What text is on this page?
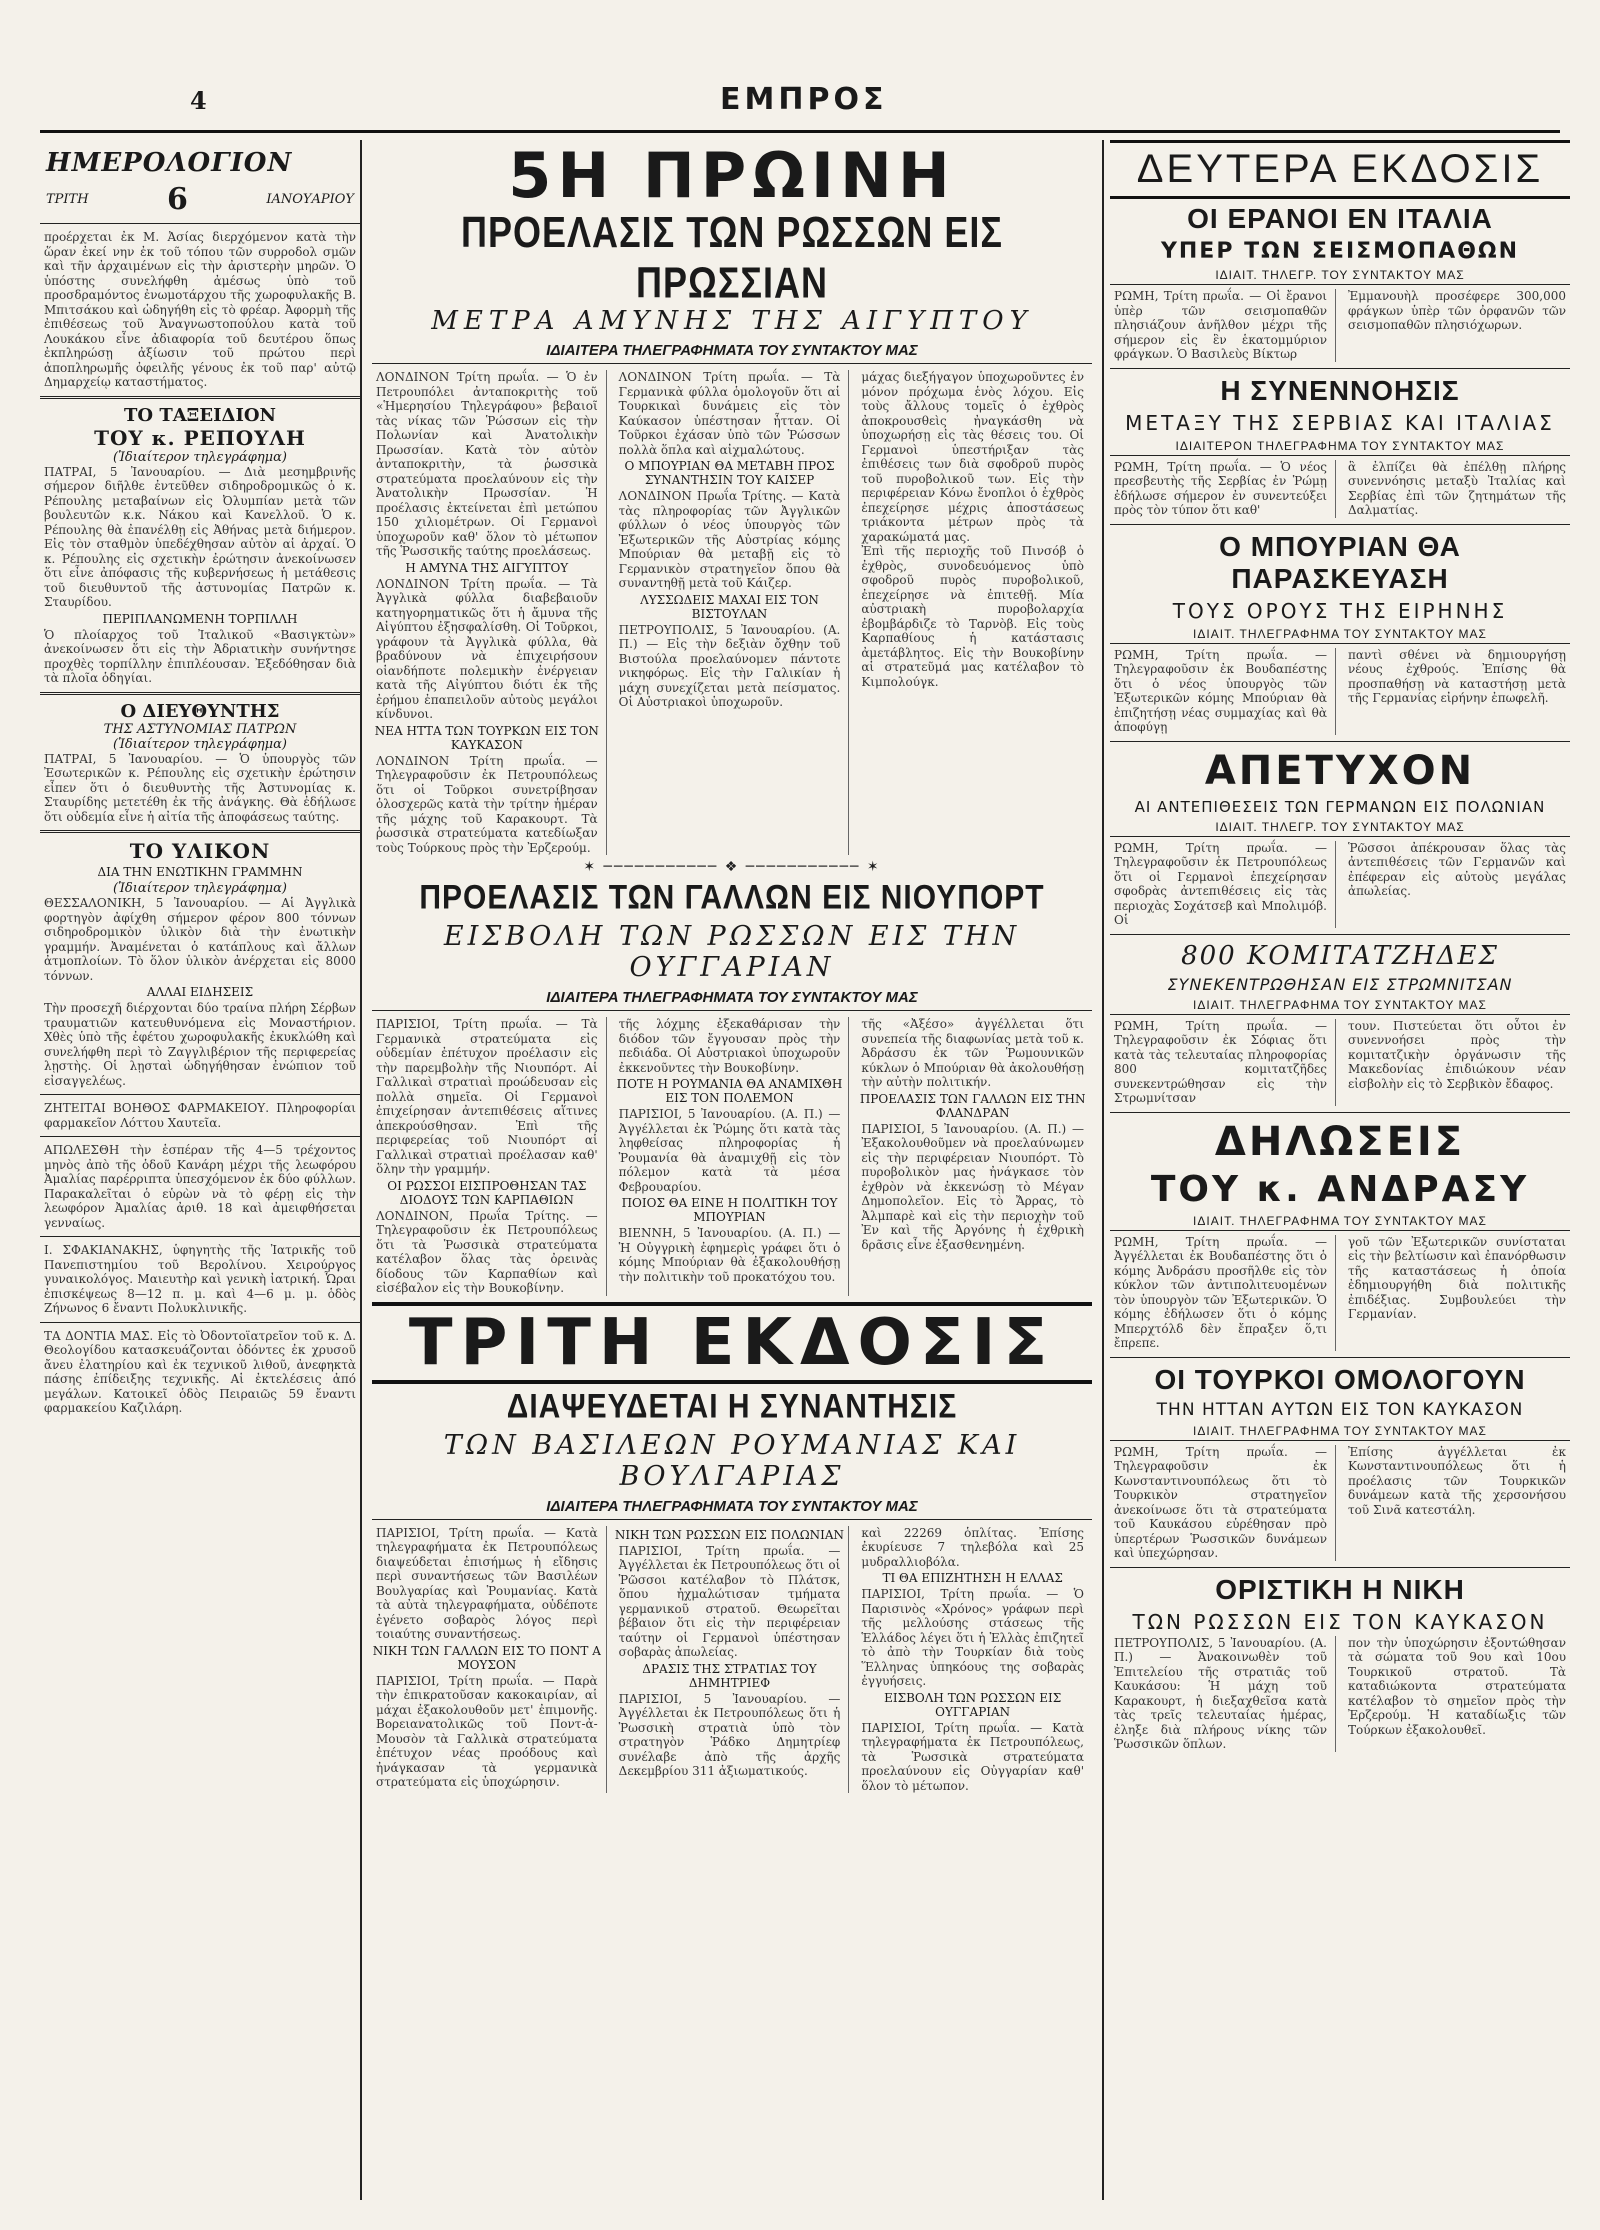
4	ΕΜΠΡΟΣ
ΗΜΕΡΟΛΟΓΙΟΝ
ΤΡΙΤΗ	6	ΙΑΝΟΥΑΡΙΟΥ

προέρχεται ἐκ Μ. Ἀσίας διερχόμενον κατὰ τὴν ὥραν ἐκεί νην ἐκ τοῦ τόπου τῶν συρροδολ σμῶν καὶ τῆν ἀρχαιμένων εἰς τὴν ἀριστερὴν μηρῶν. Ὁ ὑπόστης συνελήφθη ἀμέσως ὑπὸ τοῦ προσδραμόντος ἐνωμοτάρχου τῆς χωροφυλακῆς Β. Μπιτσάκου καὶ ὡδηγήθη εἰς τὸ φρέαρ. Ἀφορμὴ τῆς ἐπιθέσεως τοῦ Ἀναγνωστοπούλου κατὰ τοῦ Λουκάκου εἶνε ἀδιαφορία τοῦ δευτέρου ὅπως ἐκπληρώσῃ ἀξίωσιν τοῦ πρώτου περὶ ἀποπληρωμῆς ὀφειλῆς γένους ἐκ τοῦ παρ' αὐτῷ Δημαρχείῳ καταστήματος.

ΤΟ ΤΑΞΕΙΔΙΟΝ
ΤΟΥ κ. ΡΕΠΟΥΛΗ
(Ἰδιαίτερον τηλεγράφημα)

ΠΑΤΡΑΙ, 5 Ἰανουαρίου. — Διὰ μεσημβρινῆς σήμερον διῆλθε ἐντεῦθεν σιδηροδρομικῶς ὁ κ. Ρέπουλης μεταβαίνων εἰς Ὀλυμπίαν μετὰ τῶν βουλευτῶν κ.κ. Νάκου καὶ Κανελλοῦ. Ὁ κ. Ρέπουλης θὰ ἐπανέλθῃ εἰς Ἀθήνας μετὰ διήμερον. Εἰς τὸν σταθμὸν ὑπεδέχθησαν αὐτὸν αἱ ἀρχαί. Ὁ κ. Ρέπουλης εἰς σχετικὴν ἐρώτησιν ἀνεκοίνωσεν ὅτι εἶνε ἀπόφασις τῆς κυβερνήσεως ἡ μετάθεσις τοῦ διευθυντοῦ τῆς ἀστυνομίας Πατρῶν κ. Σταυρίδου.

ΠΕΡΙΠΛΑΝΩΜΕΝΗ ΤΟΡΠΙΛΛΗ

Ὁ πλοίαρχος τοῦ Ἰταλικοῦ «Βασιγκτὼν» ἀνεκοίνωσεν ὅτι εἰς τὴν Ἀδριατικὴν συνήντησε προχθὲς τορπίλλην ἐπιπλέουσαν. Ἐξεδόθησαν διὰ τὰ πλοῖα ὁδηγίαι.

Ο ΔΙΕΥΘΥΝΤΗΣ
ΤΗΣ ΑΣΤΥΝΟΜΙΑΣ ΠΑΤΡΩΝ
(Ἰδιαίτερον τηλεγράφημα)

ΠΑΤΡΑΙ, 5 Ἰανουαρίου. — Ὁ ὑπουργὸς τῶν Ἐσωτερικῶν κ. Ρέπουλης εἰς σχετικὴν ἐρώτησιν εἶπεν ὅτι ὁ διευθυντὴς τῆς Ἀστυνομίας κ. Σταυρίδης μετετέθη ἐκ τῆς ἀνάγκης. Θὰ ἐδήλωσε ὅτι οὐδεμία εἶνε ἡ αἰτία τῆς ἀποφάσεως ταύτης.

ΤΟ ΥΛΙΚΟΝ
ΔΙΑ ΤΗΝ ΕΝΩΤΙΚΗΝ ΓΡΑΜΜΗΝ
(Ἰδιαίτερον τηλεγράφημα)

ΘΕΣΣΑΛΟΝΙΚΗ, 5 Ἰανουαρίου. — Αἱ Ἀγγλικὰ φορτηγὸν ἀφίχθη σήμερον φέρον 800 τόννων σιδηροδρομικὸν ὑλικὸν διὰ τὴν ἐνωτικὴν γραμμήν. Ἀναμένεται ὁ κατάπλους καὶ ἄλλων ἀτμοπλοίων. Τὸ ὅλον ὑλικὸν ἀνέρχεται εἰς 8000 τόννων.

ΑΛΛΑΙ ΕΙΔΗΣΕΙΣ

Τὴν προσεχῆ διέρχονται δύο τραίνα πλήρη Σέρβων τραυματιῶν κατευθυνόμενα εἰς Μοναστήριον. Χθὲς ὑπὸ τῆς ἐφέτου χωροφυλακῆς ἐκυκλώθη καὶ συνελήφθη περὶ τὸ Ζαγγλιβέριον τῆς περιφερείας λῃστὴς. Οἱ λῃσταὶ ὡδηγήθησαν ἐνώπιον τοῦ εἰσαγγελέως.

ΖΗΤΕΙΤΑΙ ΒΟΗΘΟΣ ΦΑΡΜΑΚΕΙΟΥ. Πληροφορίαι φαρμακεῖον Λόττου Χαυτεῖα.

ΑΠΩΛΕΣΘΗ τὴν ἑσπέραν τῆς 4—5 τρέχοντος μηνὸς ἀπὸ τῆς ὁδοῦ Κανάρη μέχρι τῆς λεωφόρου Ἀμαλίας παρέρριπτα ὑπεσχόμενον ἐκ δύο φύλλων. Παρακαλεῖται ὁ εὑρὼν νὰ τὸ φέρῃ εἰς τὴν λεωφόρον Ἀμαλίας ἀριθ. 18 καὶ ἀμειφθήσεται γενναίως.

Ι. ΣΦΑΚΙΑΝΑΚΗΣ, ὑφηγητὴς τῆς Ἰατρικῆς τοῦ Πανεπιστημίου τοῦ Βερολίνου. Χειρούργος γυναικολόγος. Μαιευτὴρ καὶ γενικὴ ἰατρική. Ὧραι ἐπισκέψεως 8—12 π. μ. καὶ 4—6 μ. μ. ὁδὸς Ζήνωνος 6 ἔναντι Πολυκλινικῆς.

ΤΑ ΔΟΝΤΙΑ ΜΑΣ. Εἰς τὸ Ὀδοντοϊατρεῖον τοῦ κ. Δ. Θεολογίδου κατασκευάζονται ὀδόντες ἐκ χρυσοῦ ἄνευ ἐλατηρίου καὶ ἐκ τεχνικοῦ λιθοῦ, ἀνεφηκτὰ πάσης ἐπίδειξης τεχνικῆς. Αἱ ἐκτελέσεις ἀπό μεγάλων. Κατοικεῖ ὁδὸς Πειραιῶς 59 ἔναντι φαρμακείου Καζιλάρη.

5Η ΠΡΩΙΝΗ
ΠΡΟΕΛΑΣΙΣ ΤΩΝ ΡΩΣΣΩΝ ΕΙΣ ΠΡΩΣΣΙΑΝ
ΜΕΤΡΑ ΑΜΥΝΗΣ ΤΗΣ ΑΙΓΥΠΤΟΥ
ΙΔΙΑΙΤΕΡΑ ΤΗΛΕΓΡΑΦΗΜΑΤΑ ΤΟΥ ΣΥΝΤΑΚΤΟΥ ΜΑΣ

ΛΟΝΔΙΝΟΝ Τρίτη πρωΐα. — Ὁ ἐν Πετρουπόλει ἀνταποκριτὴς τοῦ «Ἡμερησίου Τηλεγράφου» βεβαιοῖ τὰς νίκας τῶν Ῥώσσων εἰς τὴν Πολωνίαν καὶ Ἀνατολικὴν Πρωσσίαν. Κατὰ τὸν αὐτὸν ἀνταποκριτὴν, τὰ ῥωσσικὰ στρατεύματα προελαύνουν εἰς τὴν Ἀνατολικὴν Πρωσσίαν. Ἡ προέλασις ἐκτείνεται ἐπὶ μετώπου 150 χιλιομέτρων. Οἱ Γερμανοὶ ὑποχωροῦν καθ' ὅλον τὸ μέτωπον τῆς Ῥωσσικῆς ταύτης προελάσεως.

Η ΑΜΥΝΑ ΤΗΣ ΑΙΓΥΠΤΟΥ

ΛΟΝΔΙΝΟΝ Τρίτη πρωΐα. — Τὰ Ἀγγλικὰ φύλλα διαβεβαιοῦν κατηγορηματικῶς ὅτι ἡ ἄμυνα τῆς Αἰγύπτου ἐξησφαλίσθη. Οἱ Τοῦρκοι, γράφουν τὰ Ἀγγλικὰ φύλλα, θὰ βραδύνουν νὰ ἐπιχειρήσουν οἱανδήποτε πολεμικὴν ἐνέργειαν κατὰ τῆς Αἰγύπτου διότι ἐκ τῆς ἐρήμου ἐπαπειλοῦν αὐτοὺς μεγάλοι κίνδυνοι.

ΝΕΑ ΗΤΤΑ ΤΩΝ ΤΟΥΡΚΩΝ ΕΙΣ ΤΟΝ ΚΑΥΚΑΣΟΝ

ΛΟΝΔΙΝΟΝ Τρίτη πρωΐα. — Τηλεγραφοῦσιν ἐκ Πετρουπόλεως ὅτι οἱ Τοῦρκοι συνετρίβησαν ὁλοσχερῶς κατὰ τὴν τρίτην ἡμέραν τῆς μάχης τοῦ Καρακουρτ. Τὰ ῥωσσικὰ στρατεύματα κατεδίωξαν τοὺς Τούρκους πρὸς τὴν Ἐρζερούμ.

ΛΟΝΔΙΝΟΝ Τρίτη πρωΐα. — Τὰ Γερμανικὰ φύλλα ὁμολογοῦν ὅτι αἱ Τουρκικαὶ δυνάμεις εἰς τὸν Καύκασον ὑπέστησαν ἧτταν. Οἱ Τοῦρκοι ἐχάσαν ὑπὸ τῶν Ῥώσσων πολλὰ ὅπλα καὶ αἰχμαλώτους.

Ο ΜΠΟΥΡΙΑΝ ΘΑ ΜΕΤΑΒΗ ΠΡΟΣ ΣΥΝΑΝΤΗΣΙΝ ΤΟΥ ΚΑΙΣΕΡ

ΛΟΝΔΙΝΟΝ Πρωΐα Τρίτης. — Κατὰ τὰς πληροφορίας τῶν Ἀγγλικῶν φύλλων ὁ νέος ὑπουργὸς τῶν Ἐξωτερικῶν τῆς Αὐστρίας κόμης Μπούριαν θὰ μεταβῇ εἰς τὸ Γερμανικὸν στρατηγεῖον ὅπου θὰ συναντηθῇ μετὰ τοῦ Κάιζερ.

ΛΥΣΣΩΔΕΙΣ ΜΑΧΑΙ ΕΙΣ ΤΟΝ ΒΙΣΤΟΥΛΑΝ

ΠΕΤΡΟΥΠΟΛΙΣ, 5 Ἰανουαρίου. (Α. Π.) — Εἰς τὴν δεξιὰν ὄχθην τοῦ Βιστούλα προελαύνομεν πάντοτε νικηφόρως. Εἰς τὴν Γαλικίαν ἡ μάχη συνεχίζεται μετὰ πείσματος. Οἱ Αὐστριακοὶ ὑποχωροῦν.

μάχας διεξήγαγον ὑποχωροῦντες ἐν μόνον πρόχωμα ἑνὸς λόχου. Εἰς τοὺς ἄλλους τομεῖς ὁ ἐχθρὸς ἀποκρουσθεὶς ἠναγκάσθη νὰ ὑποχωρήσῃ εἰς τὰς θέσεις του. Οἱ Γερμανοὶ ὑπεστήριξαν τὰς ἐπιθέσεις των διὰ σφοδροῦ πυρὸς τοῦ πυροβολικοῦ των. Εἰς τὴν περιφέρειαν Κόνω ἔνοπλοι ὁ ἐχθρὸς ἐπεχείρησε μέχρις ἀποστάσεως τριάκοντα μέτρων πρὸς τὰ χαρακώματά μας.

Ἐπὶ τῆς περιοχῆς τοῦ Πινσόβ ὁ ἐχθρὸς, συνοδευόμενος ὑπὸ σφοδροῦ πυρὸς πυροβολικοῦ, ἐπεχείρησε νὰ ἐπιτεθῇ. Μία αὐστριακὴ πυροβολαρχία ἐβομβάρδιζε τὸ Ταρνὸβ. Εἰς τοὺς Καρπαθίους ἡ κατάστασις ἀμετάβλητος. Εἰς τὴν Βουκοβίνην αἱ στρατεῦμά μας κατέλαβον τὸ Κιμπολούγκ.

✶ ─────────── ❖ ─────────── ✶
ΠΡΟΕΛΑΣΙΣ ΤΩΝ ΓΑΛΛΩΝ ΕΙΣ ΝΙΟΥΠΟΡΤ
ΕΙΣΒΟΛΗ ΤΩΝ ΡΩΣΣΩΝ ΕΙΣ ΤΗΝ ΟΥΓΓΑΡΙΑΝ
ΙΔΙΑΙΤΕΡΑ ΤΗΛΕΓΡΑΦΗΜΑΤΑ ΤΟΥ ΣΥΝΤΑΚΤΟΥ ΜΑΣ

ΠΑΡΙΣΙΟΙ, Τρίτη πρωΐα. — Τὰ Γερμανικὰ στρατεύματα εἰς οὐδεμίαν ἐπέτυχον προέλασιν εἰς τὴν παρεμβολὴν τῆς Νιουπόρτ. Αἱ Γαλλικαὶ στρατιαὶ προώδευσαν εἰς πολλὰ σημεῖα. Οἱ Γερμανοὶ ἐπιχείρησαν ἀντεπιθέσεις αἵτινες ἀπεκρούσθησαν. Ἐπὶ τῆς περιφερείας τοῦ Νιουπόρτ αἱ Γαλλικαὶ στρατιαὶ προέλασαν καθ' ὅλην τὴν γραμμήν.

ΟΙ ΡΩΣΣΟΙ ΕΙΣΠΡΟΘΗΣΑΝ ΤΑΣ ΔΙΟΔΟΥΣ ΤΩΝ ΚΑΡΠΑΘΙΩΝ

ΛΟΝΔΙΝΟΝ, Πρωΐα Τρίτης. — Τηλεγραφοῦσιν ἐκ Πετρουπόλεως ὅτι τὰ Ῥωσσικὰ στρατεύματα κατέλαβον ὅλας τὰς ὀρεινὰς δίοδους τῶν Καρπαθίων καὶ εἰσέβαλον εἰς τὴν Βουκοβίνην.

τῆς λόχμης ἐξεκαθάρισαν τὴν διόδον τῶν ἔγγουσαν πρὸς τὴν πεδιάδα. Οἱ Αὐστριακοὶ ὑποχωροῦν ἐκκενοῦντες τὴν Βουκοβίνην.

ΠΟΤΕ Η ΡΟΥΜΑΝΙΑ ΘΑ ΑΝΑΜΙΧΘΗ ΕΙΣ ΤΟΝ ΠΟΛΕΜΟΝ

ΠΑΡΙΣΙΟΙ, 5 Ἰανουαρίου. (Α. Π.) — Ἀγγέλλεται ἐκ Ῥώμης ὅτι κατὰ τὰς ληφθείσας πληροφορίας ἡ Ῥουμανία θὰ ἀναμιχθῇ εἰς τὸν πόλεμον κατὰ τὰ μέσα Φεβρουαρίου.

ΠΟΙΟΣ ΘΑ ΕΙΝΕ Η ΠΟΛΙΤΙΚΗ ΤΟΥ ΜΠΟΥΡΙΑΝ

ΒΙΕΝΝΗ, 5 Ἰανουαρίου. (Α. Π.) — Ἡ Οὐγγρικὴ ἐφημερὶς γράφει ὅτι ὁ κόμης Μπούριαν θὰ ἐξακολουθήσῃ τὴν πολιτικὴν τοῦ προκατόχου του.

τῆς «Ἀξέσο» ἀγγέλλεται ὅτι συνεπεία τῆς διαφωνίας μετὰ τοῦ κ. Ἀδράσσυ ἐκ τῶν Ῥωμουνικῶν κύκλων ὁ Μπούριαν θὰ ἀκολουθήσῃ τὴν αὐτὴν πολιτικήν.

ΠΡΟΕΛΑΣΙΣ ΤΩΝ ΓΑΛΛΩΝ ΕΙΣ ΤΗΝ ΦΛΑΝΔΡΑΝ

ΠΑΡΙΣΙΟΙ, 5 Ἰανουαρίου. (Α. Π.) — Ἐξακολουθοῦμεν νὰ προελαύνωμεν εἰς τὴν περιφέρειαν Νιουπόρτ. Τὸ πυροβολικὸν μας ἠνάγκασε τὸν ἐχθρὸν νὰ ἐκκενώσῃ τὸ Μέγαν Δημοπολεῖον. Εἰς τὸ Ἄρρας, τὸ Ἀλμπαρὲ καὶ εἰς τὴν περιοχὴν τοῦ Ἐν καὶ τῆς Ἀργόνης ἡ ἐχθρικὴ δρᾶσις εἶνε ἐξασθενημένη.

ΤΡΙΤΗ ΕΚΔΟΣΙΣ
ΔΙΑΨΕΥΔΕΤΑΙ Η ΣΥΝΑΝΤΗΣΙΣ
ΤΩΝ ΒΑΣΙΛΕΩΝ ΡΟΥΜΑΝΙΑΣ ΚΑΙ ΒΟΥΛΓΑΡΙΑΣ
ΙΔΙΑΙΤΕΡΑ ΤΗΛΕΓΡΑΦΗΜΑΤΑ ΤΟΥ ΣΥΝΤΑΚΤΟΥ ΜΑΣ

ΠΑΡΙΣΙΟΙ, Τρίτη πρωΐα. — Κατὰ τηλεγραφήματα ἐκ Πετρουπόλεως διαψεύδεται ἐπισήμως ἡ εἴδησις περὶ συναντήσεως τῶν Βασιλέων Βουλγαρίας καὶ Ῥουμανίας. Κατὰ τὰ αὐτὰ τηλεγραφήματα, οὐδέποτε ἐγένετο σοβαρὸς λόγος περὶ τοιαύτης συναντήσεως.

ΝΙΚΗ ΤΩΝ ΓΑΛΛΩΝ ΕΙΣ ΤΟ ΠΟΝΤ Α ΜΟΥΣΟΝ

ΠΑΡΙΣΙΟΙ, Τρίτη πρωΐα. — Παρὰ τὴν ἐπικρατοῦσαν κακοκαιρίαν, αἱ μάχαι ἐξακολουθοῦν μετ' ἐπιμονῆς. Βορειανατολικῶς τοῦ Ποντ-ἀ-Μουσὸν τὰ Γαλλικὰ στρατεύματα ἐπέτυχον νέας προόδους καὶ ἠνάγκασαν τὰ γερμανικὰ στρατεύματα εἰς ὑποχώρησιν.

ΝΙΚΗ ΤΩΝ ΡΩΣΣΩΝ ΕΙΣ ΠΟΛΩΝΙΑΝ

ΠΑΡΙΣΙΟΙ, Τρίτη πρωΐα. — Ἀγγέλλεται ἐκ Πετρουπόλεως ὅτι οἱ Ῥῶσσοι κατέλαβον τὸ Πλάτσκ, ὅπου ἠχμαλώτισαν τμήματα γερμανικοῦ στρατοῦ. Θεωρεῖται βέβαιον ὅτι εἰς τὴν περιφέρειαν ταύτην οἱ Γερμανοὶ ὑπέστησαν σοβαρὰς ἀπωλείας.

ΔΡΑΣΙΣ ΤΗΣ ΣΤΡΑΤΙΑΣ ΤΟΥ ΔΗΜΗΤΡΙΕΦ

ΠΑΡΙΣΙΟΙ, 5 Ἰανουαρίου. — Ἀγγέλλεται ἐκ Πετρουπόλεως ὅτι ἡ Ῥωσσικὴ στρατιὰ ὑπὸ τὸν στρατηγὸν Ῥάδκο Δημητρίεφ συνέλαβε ἀπὸ τῆς ἀρχῆς Δεκεμβρίου 311 ἀξιωματικούς.

καὶ 22269 ὁπλίτας. Ἐπίσης ἐκυρίευσε 7 τηλεβόλα καὶ 25 μυδραλλιοβόλα.

ΤΙ ΘΑ ΕΠΙΖΗΤΗΣΗ Η ΕΛΛΑΣ

ΠΑΡΙΣΙΟΙ, Τρίτη πρωΐα. — Ὁ Παρισινὸς «Χρόνος» γράφων περὶ τῆς μελλούσης στάσεως τῆς Ἑλλάδος λέγει ὅτι ἡ Ἑλλὰς ἐπιζητεῖ τὸ ἀπὸ τὴν Τουρκίαν διὰ τοὺς Ἕλληνας ὑπηκόους της σοβαρὰς ἐγγυήσεις.

ΕΙΣΒΟΛΗ ΤΩΝ ΡΩΣΣΩΝ ΕΙΣ ΟΥΓΓΑΡΙΑΝ

ΠΑΡΙΣΙΟΙ, Τρίτη πρωΐα. — Κατὰ τηλεγραφήματα ἐκ Πετρουπόλεως, τὰ Ῥωσσικὰ στρατεύματα προελαύνουν εἰς Οὐγγαρίαν καθ' ὅλον τὸ μέτωπον.

ΔΕΥΤΕΡΑ ΕΚΔΟΣΙΣ
ΟΙ ΕΡΑΝΟΙ ΕΝ ΙΤΑΛΙΑ
ΥΠΕΡ ΤΩΝ ΣΕΙΣΜΟΠΑΘΩΝ
ΙΔΙΑΙΤ. ΤΗΛΕΓΡ. ΤΟΥ ΣΥΝΤΑΚΤΟΥ ΜΑΣ

ΡΩΜΗ, Τρίτη πρωΐα. — Οἱ ἔρανοι ὑπὲρ τῶν σεισμοπαθῶν πλησιάζουν ἀνῆλθον μέχρι τῆς σήμερον εἰς ἓν ἑκατομμύριον φράγκων. Ὁ Βασιλεὺς Βίκτωρ

Ἐμμανουὴλ προσέφερε 300,000 φράγκων ὑπὲρ τῶν ὀρφανῶν τῶν σεισμοπαθῶν πλησιόχωρων.

Η ΣΥΝΕΝΝΟΗΣΙΣ
ΜΕΤΑΞΥ ΤΗΣ ΣΕΡΒΙΑΣ ΚΑΙ ΙΤΑΛΙΑΣ
ΙΔΙΑΙΤΕΡΟΝ ΤΗΛΕΓΡΑΦΗΜΑ ΤΟΥ ΣΥΝΤΑΚΤΟΥ ΜΑΣ

ΡΩΜΗ, Τρίτη πρωΐα. — Ὁ νέος πρεσβευτὴς τῆς Σερβίας ἐν Ῥώμῃ ἐδήλωσε σήμερον ἐν συνεντεύξει πρὸς τὸν τύπον ὅτι καθ'

ἃ ἐλπίζει θὰ ἐπέλθῃ πλήρης συνεννόησις μεταξὺ Ἰταλίας καὶ Σερβίας ἐπὶ τῶν ζητημάτων τῆς Δαλματίας.

Ο ΜΠΟΥΡΙΑΝ ΘΑ ΠΑΡΑΣΚΕΥΑΣΗ
ΤΟΥΣ ΟΡΟΥΣ ΤΗΣ ΕΙΡΗΝΗΣ
ΙΔΙΑΙΤ. ΤΗΛΕΓΡΑΦΗΜΑ ΤΟΥ ΣΥΝΤΑΚΤΟΥ ΜΑΣ

ΡΩΜΗ, Τρίτη πρωΐα. — Τηλεγραφοῦσιν ἐκ Βουδαπέστης ὅτι ὁ νέος ὑπουργὸς τῶν Ἐξωτερικῶν κόμης Μπούριαν θὰ ἐπιζητήσῃ νέας συμμαχίας καὶ θὰ ἀποφύγῃ

παντὶ σθένει νὰ δημιουργήσῃ νέους ἐχθρούς. Ἐπίσης θὰ προσπαθήσῃ νὰ καταστήσῃ μετὰ τῆς Γερμανίας εἰρήνην ἐπωφελῆ.

ΑΠΕΤΥΧΟΝ
ΑΙ ΑΝΤΕΠΙΘΕΣΕΙΣ ΤΩΝ ΓΕΡΜΑΝΩΝ ΕΙΣ ΠΟΛΩΝΙΑΝ
ΙΔΙΑΙΤ. ΤΗΛΕΓΡ. ΤΟΥ ΣΥΝΤΑΚΤΟΥ ΜΑΣ

ΡΩΜΗ, Τρίτη πρωΐα. — Τηλεγραφοῦσιν ἐκ Πετρουπόλεως ὅτι οἱ Γερμανοὶ ἐπεχείρησαν σφοδρὰς ἀντεπιθέσεις εἰς τὰς περιοχὰς Σοχάτσεβ καὶ Μπολιμόβ. Οἱ

Ῥῶσσοι ἀπέκρουσαν ὅλας τὰς ἀντεπιθέσεις τῶν Γερμανῶν καὶ ἐπέφεραν εἰς αὐτοὺς μεγάλας ἀπωλείας.

800 ΚΟΜΙΤΑΤΖΗΔΕΣ
ΣΥΝΕΚΕΝΤΡΩΘΗΣΑΝ ΕΙΣ ΣΤΡΩΜΝΙΤΣΑΝ
ΙΔΙΑΙΤ. ΤΗΛΕΓΡΑΦΗΜΑ ΤΟΥ ΣΥΝΤΑΚΤΟΥ ΜΑΣ

ΡΩΜΗ, Τρίτη πρωΐα. — Τηλεγραφοῦσιν ἐκ Σόφιας ὅτι κατὰ τὰς τελευταίας πληροφορίας 800 κομιτατζῆδες συνεκεντρώθησαν εἰς τὴν Στρωμνίτσαν

τουν. Πιστεύεται ὅτι οὗτοι ἐν συνεννοήσει πρὸς τὴν κομιτατζικὴν ὀργάνωσιν τῆς Μακεδονίας ἐπιδιώκουν νέαν εἰσβολὴν εἰς τὸ Σερβικὸν ἔδαφος.

ΔΗΛΩΣΕΙΣ
ΤΟΥ κ. ΑΝΔΡΑΣΥ
ΙΔΙΑΙΤ. ΤΗΛΕΓΡΑΦΗΜΑ ΤΟΥ ΣΥΝΤΑΚΤΟΥ ΜΑΣ

ΡΩΜΗ, Τρίτη πρωΐα. — Ἀγγέλλεται ἐκ Βουδαπέστης ὅτι ὁ κόμης Ἀνδράσυ προσῆλθε εἰς τὸν κύκλον τῶν ἀντιπολιτευομένων τὸν ὑπουργὸν τῶν Ἐξωτερικῶν. Ὁ κόμης ἐδήλωσεν ὅτι ὁ κόμης Μπερχτόλδ δὲν ἔπραξεν ὅ,τι ἔπρεπε.

γοῦ τῶν Ἐξωτερικῶν συνίσταται εἰς τὴν βελτίωσιν καὶ ἐπανόρθωσιν τῆς καταστάσεως ἡ ὁποία ἐδημιουργήθη διὰ πολιτικῆς ἐπιδέξιας. Συμβουλεύει τὴν Γερμανίαν.

ΟΙ ΤΟΥΡΚΟΙ ΟΜΟΛΟΓΟΥΝ
ΤΗΝ ΗΤΤΑΝ ΑΥΤΩΝ ΕΙΣ ΤΟΝ ΚΑΥΚΑΣΟΝ
ΙΔΙΑΙΤ. ΤΗΛΕΓΡΑΦΗΜΑ ΤΟΥ ΣΥΝΤΑΚΤΟΥ ΜΑΣ

ΡΩΜΗ, Τρίτη πρωΐα. — Τηλεγραφοῦσιν ἐκ Κωνσταντινουπόλεως ὅτι τὸ Τουρκικὸν στρατηγεῖον ἀνεκοίνωσε ὅτι τὰ στρατεύματα τοῦ Καυκάσου εὑρέθησαν πρὸ ὑπερτέρων Ῥωσσικῶν δυνάμεων καὶ ὑπεχώρησαν.

Ἐπίσης ἀγγέλλεται ἐκ Κωνσταντινουπόλεως ὅτι ἡ προέλασις τῶν Τουρκικῶν δυνάμεων κατὰ τῆς χερσονήσου τοῦ Σινᾶ κατεστάλη.

ΟΡΙΣΤΙΚΗ Η ΝΙΚΗ
ΤΩΝ ΡΩΣΣΩΝ ΕΙΣ ΤΟΝ ΚΑΥΚΑΣΟΝ

ΠΕΤΡΟΥΠΟΛΙΣ, 5 Ἰανουαρίου. (Α. Π.) — Ἀνακοινωθὲν τοῦ Ἐπιτελείου τῆς στρατιᾶς τοῦ Καυκάσου: Ἡ μάχη τοῦ Καρακουρτ, ἡ διεξαχθεῖσα κατὰ τὰς τρεῖς τελευταίας ἡμέρας, ἐληξε διὰ πλήρους νίκης τῶν Ῥωσσικῶν ὅπλων.

πον τὴν ὑποχώρησιν ἐξοντώθησαν τὰ σώματα τοῦ 9ου καὶ 10ου Τουρκικοῦ στρατοῦ. Τὰ καταδιώκοντα στρατεύματα κατέλαβον τὸ σημεῖον πρὸς τὴν Ἐρζερούμ. Ἡ καταδίωξις τῶν Τούρκων ἐξακολουθεῖ.
